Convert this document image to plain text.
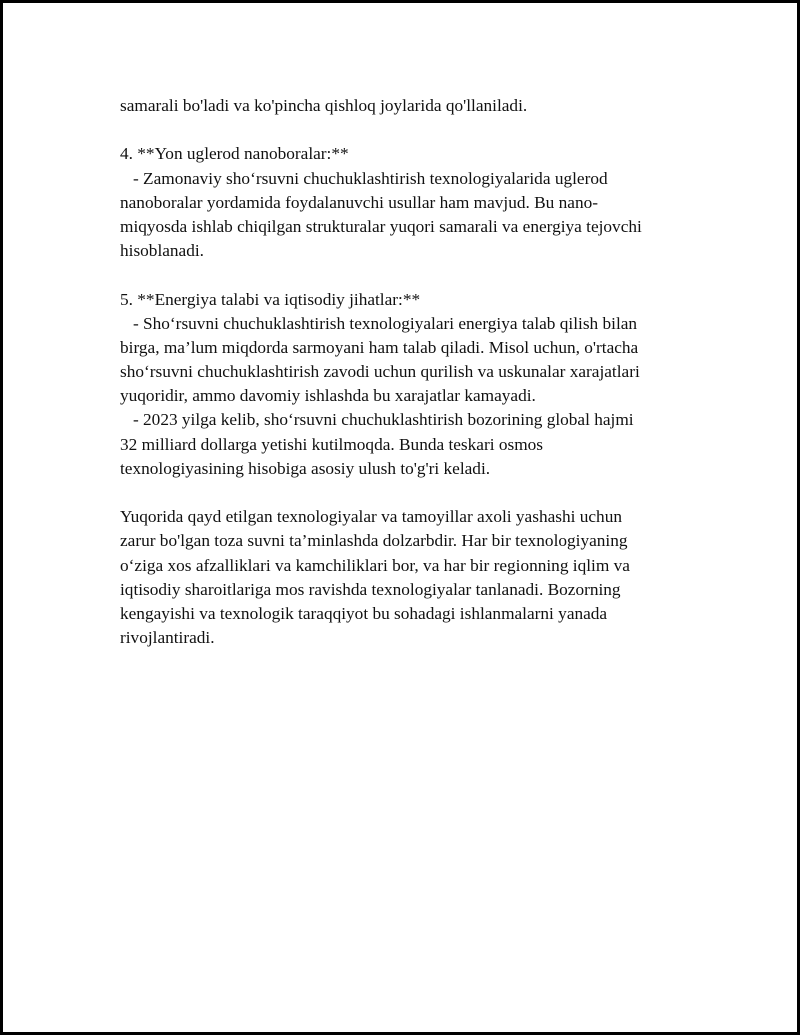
samarali bo'ladi va ko'pincha qishloq joylarida qo'llaniladi.
4. **Yon uglerod nanoboralar:**
- Zamonaviy sho‘rsuvni chuchuklashtirish texnologiyalarida uglerod
nanoboralar yordamida foydalanuvchi usullar ham mavjud. Bu nano-
miqyosda ishlab chiqilgan strukturalar yuqori samarali va energiya tejovchi
hisoblanadi.
5. **Energiya talabi va iqtisodiy jihatlar:**
- Sho‘rsuvni chuchuklashtirish texnologiyalari energiya talab qilish bilan
birga, ma’lum miqdorda sarmoyani ham talab qiladi. Misol uchun, o'rtacha
sho‘rsuvni chuchuklashtirish zavodi uchun qurilish va uskunalar xarajatlari
yuqoridir, ammo davomiy ishlashda bu xarajatlar kamayadi.
- 2023 yilga kelib, sho‘rsuvni chuchuklashtirish bozorining global hajmi
32 milliard dollarga yetishi kutilmoqda. Bunda teskari osmos
texnologiyasining hisobiga asosiy ulush to'g'ri keladi.
Yuqorida qayd etilgan texnologiyalar va tamoyillar axoli yashashi uchun
zarur bo'lgan toza suvni ta’minlashda dolzarbdir. Har bir texnologiyaning
o‘ziga xos afzalliklari va kamchiliklari bor, va har bir regionning iqlim va
iqtisodiy sharoitlariga mos ravishda texnologiyalar tanlanadi. Bozorning
kengayishi va texnologik taraqqiyot bu sohadagi ishlanmalarni yanada
rivojlantiradi.
